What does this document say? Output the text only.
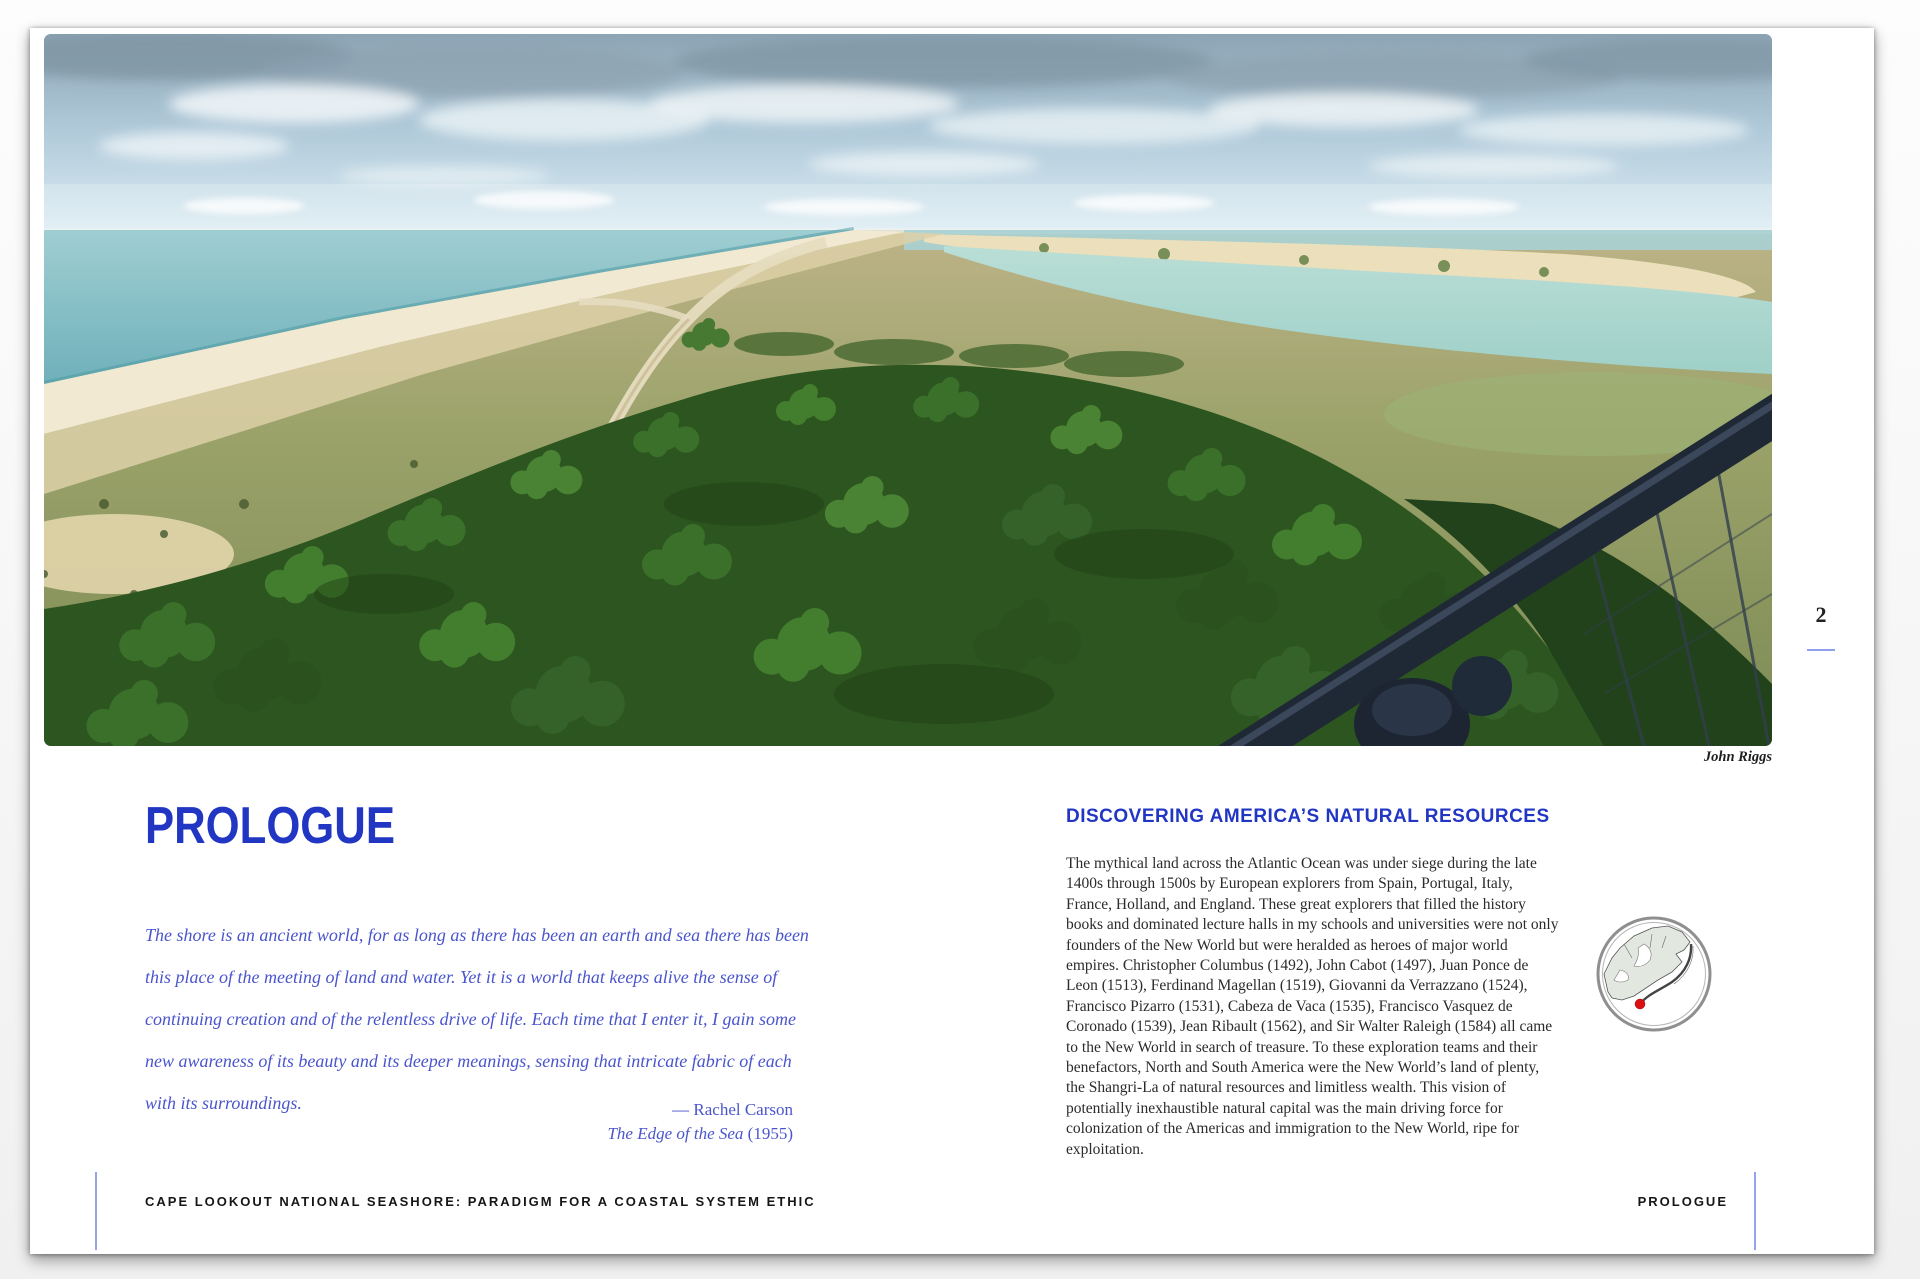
John Riggs
2
PROLOGUE
The shore is an ancient world, for as long as there has been an earth and sea there has been this place of the meeting of land and water. Yet it is a world that keeps alive the sense of continuing creation and of the relentless drive of life. Each time that I enter it, I gain some new awareness of its beauty and its deeper meanings, sensing that intricate fabric of each with its surroundings.	— Rachel Carson
The Edge of the Sea (1955)
DISCOVERING AMERICA’S NATURAL RESOURCES
The mythical land across the Atlantic Ocean was under siege during the late 1400s through 1500s by European explorers from Spain, Portugal, Italy, France, Holland, and England. These great explorers that filled the history books and dominated lecture halls in my schools and universities were not only founders of the New World but were heralded as heroes of major world empires. Christopher Columbus (1492), John Cabot (1497), Juan Ponce de Leon (1513), Ferdinand Magellan (1519), Giovanni da Verrazzano (1524), Francisco Pizarro (1531), Cabeza de Vaca (1535), Francisco Vasquez de Coronado (1539), Jean Ribault (1562), and Sir Walter Raleigh (1584) all came to the New World in search of treasure. To these exploration teams and their benefactors, North and South America were the New World’s land of plenty, the Shangri-La of natural resources and limitless wealth. This vision of potentially inexhaustible natural capital was the main driving force for colonization of the Americas and immigration to the New World, ripe for exploitation.
CAPE LOOKOUT NATIONAL SEASHORE: PARADIGM FOR A COASTAL SYSTEM ETHIC	PROLOGUE
